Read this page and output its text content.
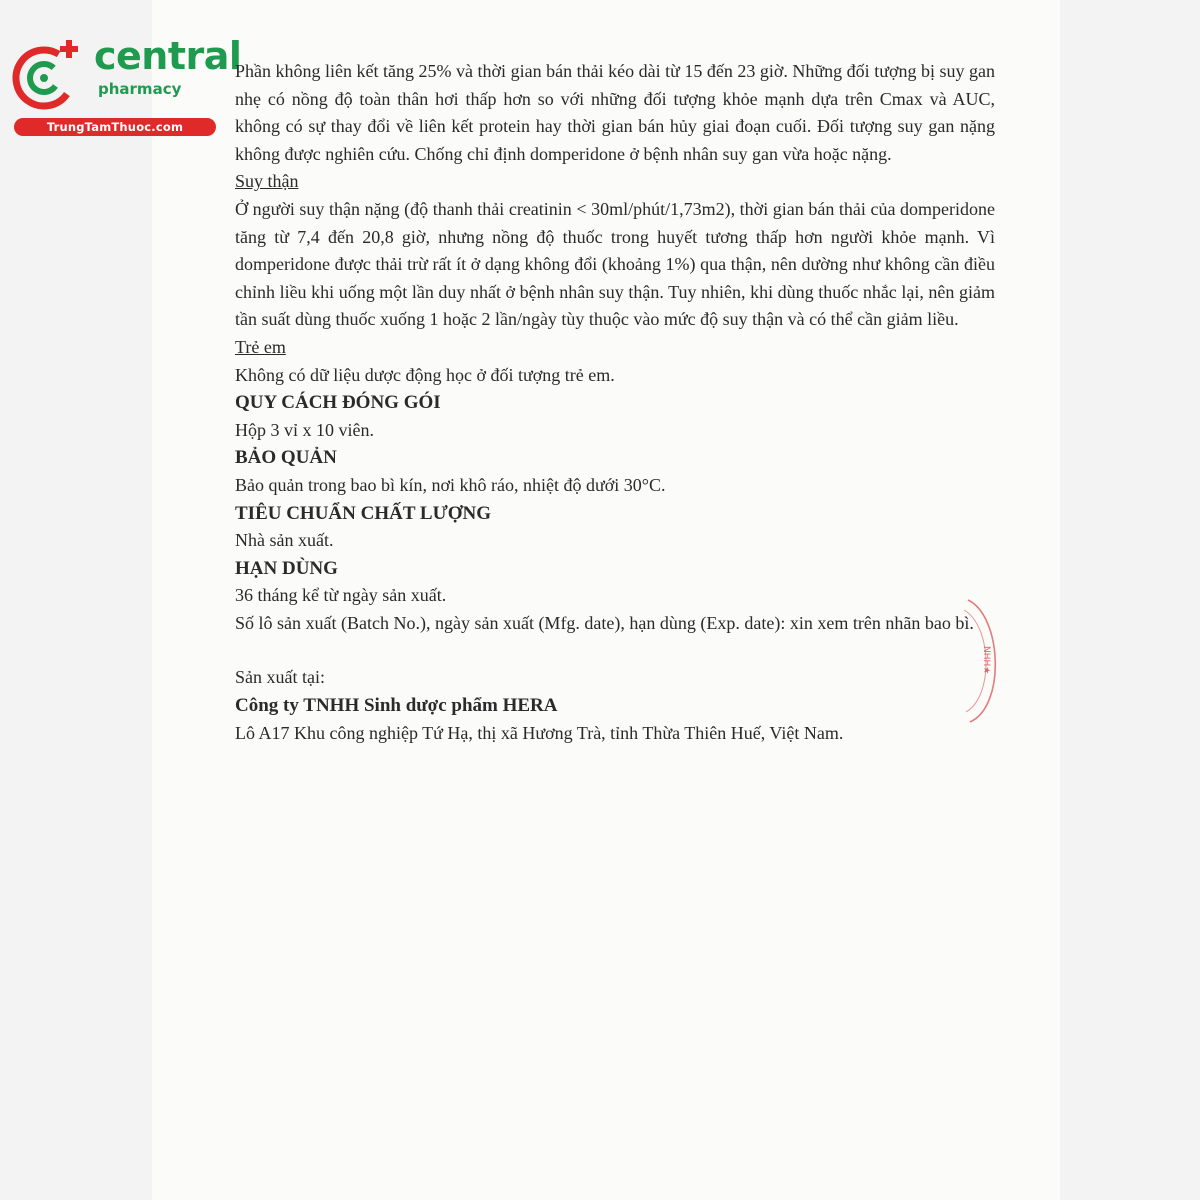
central
pharmacy
TrungTamThuoc.com

Phần không liên kết tăng 25% và thời gian bán thải kéo dài từ 15 đến 23 giờ. Những đối tượng bị suy gan nhẹ có nồng độ toàn thân hơi thấp hơn so với những đối tượng khỏe mạnh dựa trên Cmax và AUC, không có sự thay đổi về liên kết protein hay thời gian bán hủy giai đoạn cuối. Đối tượng suy gan nặng không được nghiên cứu. Chống chỉ định domperidone ở bệnh nhân suy gan vừa hoặc nặng.

Suy thận

Ở người suy thận nặng (độ thanh thải creatinin < 30ml/phút/1,73m2), thời gian bán thải của domperidone tăng từ 7,4 đến 20,8 giờ, nhưng nồng độ thuốc trong huyết tương thấp hơn người khỏe mạnh. Vì domperidone được thải trừ rất ít ở dạng không đổi (khoảng 1%) qua thận, nên dường như không cần điều chỉnh liều khi uống một lần duy nhất ở bệnh nhân suy thận. Tuy nhiên, khi dùng thuốc nhắc lại, nên giảm tần suất dùng thuốc xuống 1 hoặc 2 lần/ngày tùy thuộc vào mức độ suy thận và có thể cần giảm liều.

Trẻ em

Không có dữ liệu dược động học ở đối tượng trẻ em.

QUY CÁCH ĐÓNG GÓI

Hộp 3 vỉ x 10 viên.

BẢO QUẢN

Bảo quản trong bao bì kín, nơi khô ráo, nhiệt độ dưới 30°C.

TIÊU CHUẨN CHẤT LƯỢNG

Nhà sản xuất.

HẠN DÙNG

36 tháng kể từ ngày sản xuất.

Số lô sản xuất (Batch No.), ngày sản xuất (Mfg. date), hạn dùng (Exp. date): xin xem trên nhãn bao bì.

Sản xuất tại:

Công ty TNHH Sinh dược phẩm HERA

Lô A17 Khu công nghiệp Tứ Hạ, thị xã Hương Trà, tỉnh Thừa Thiên Huế, Việt Nam.

NHH★
